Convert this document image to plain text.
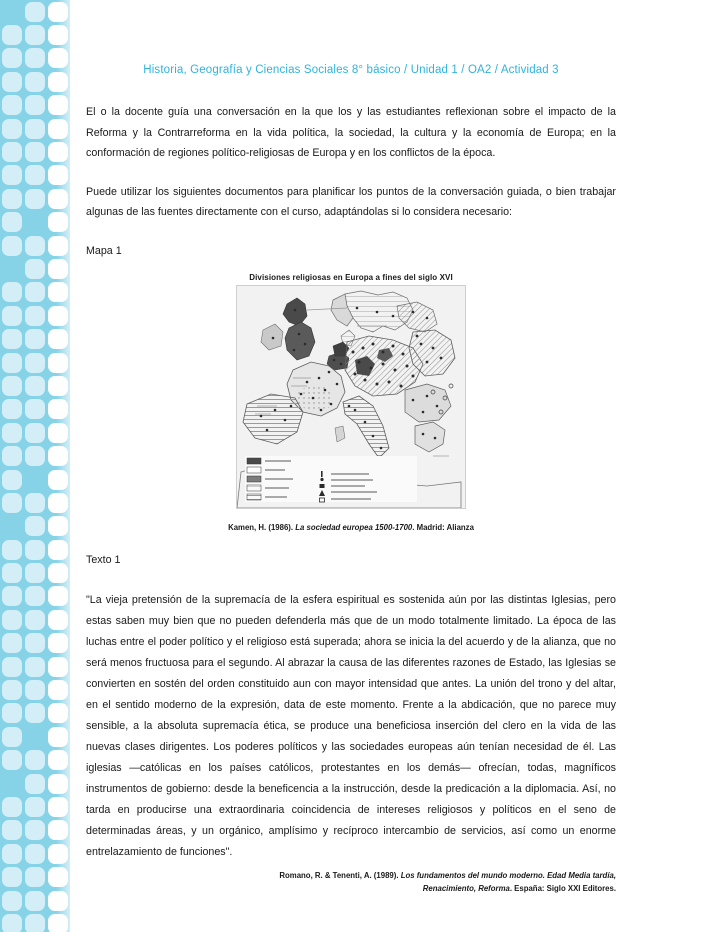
Historia, Geografía y Ciencias Sociales 8° básico / Unidad 1 / OA2 / Actividad 3
El o la docente guía una conversación en la que los y las estudiantes reflexionan sobre el impacto de la Reforma y la Contrarreforma en la vida política, la sociedad, la cultura y la economía de Europa; en la conformación de regiones político-religiosas de Europa y en los conflictos de la época.
Puede utilizar los siguientes documentos para planificar los puntos de la conversación guiada, o bien trabajar algunas de las fuentes directamente con el curso, adaptándolas si lo considera necesario:
Mapa 1
Divisiones religiosas en Europa a fines del siglo XVI
Kamen, H. (1986). La sociedad europea 1500-1700. Madrid: Alianza
Texto 1
"La vieja pretensión de la supremacía de la esfera espiritual es sostenida aún por las distintas Iglesias, pero estas saben muy bien que no pueden defenderla más que de un modo totalmente limitado. La época de las luchas entre el poder político y el religioso está superada; ahora se inicia la del acuerdo y de la alianza, que no será menos fructuosa para el segundo. Al abrazar la causa de las diferentes razones de Estado, las Iglesias se convierten en sostén del orden constituido aun con mayor intensidad que antes. La unión del trono y del altar, en el sentido moderno de la expresión, data de este momento. Frente a la abdicación, que no parece muy sensible, a la absoluta supremacía ética, se produce una beneficiosa inserción del clero en la vida de las nuevas clases dirigentes. Los poderes políticos y las sociedades europeas aún tenían necesidad de él. Las iglesias —católicas en los países católicos, protestantes en los demás— ofrecían, todas, magníficos instrumentos de gobierno: desde la beneficencia a la instrucción, desde la predicación a la diplomacia. Así, no tarda en producirse una extraordinaria coincidencia de intereses religiosos y políticos en el seno de determinadas áreas, y un orgánico, amplísimo y recíproco intercambio de servicios, así como un enorme entrelazamiento de funciones".
Romano, R. & Tenenti, A. (1989). Los fundamentos del mundo moderno. Edad Media tardía,
Renacimiento, Reforma. España: Siglo XXI Editores.
